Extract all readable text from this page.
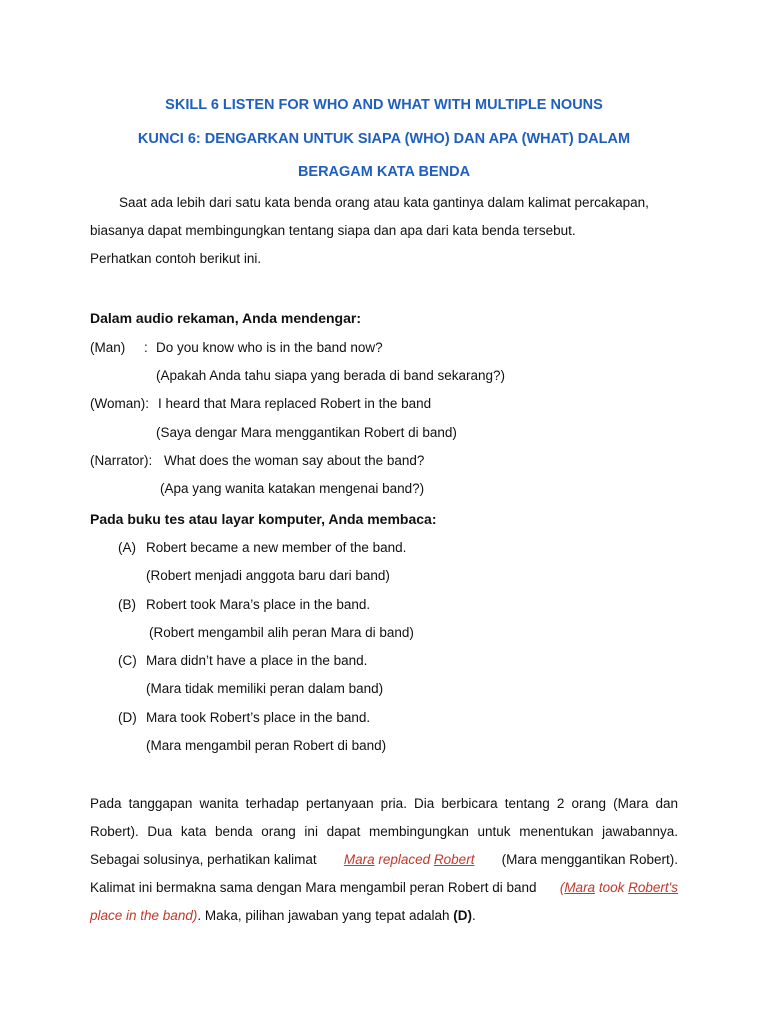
SKILL 6 LISTEN FOR WHO AND WHAT WITH MULTIPLE NOUNS
KUNCI 6: DENGARKAN UNTUK SIAPA (WHO) DAN APA (WHAT) DALAM
BERAGAM KATA BENDA
Saat ada lebih dari satu kata benda orang atau kata gantinya dalam kalimat percakapan,
biasanya dapat membingungkan tentang siapa dan apa dari kata benda tersebut.
Perhatkan contoh berikut ini.
Dalam audio rekaman, Anda mendengar:
(Man) : Do you know who is in the band now?
(Apakah Anda tahu siapa yang berada di band sekarang?)
(Woman): I heard that Mara replaced Robert in the band
(Saya dengar Mara menggantikan Robert di band)
(Narrator): What does the woman say about the band?
(Apa yang wanita katakan mengenai band?)
Pada buku tes atau layar komputer, Anda membaca:
(A) Robert became a new member of the band.
(Robert menjadi anggota baru dari band)
(B) Robert took Mara’s place in the band.
(Robert mengambil alih peran Mara di band)
(C) Mara didn’t have a place in the band.
(Mara tidak memiliki peran dalam band)
(D) Mara took Robert’s place in the band.
(Mara mengambil peran Robert di band)
Pada tanggapan wanita terhadap pertanyaan pria. Dia berbicara tentang 2 orang (Mara dan
Robert). Dua kata benda orang ini dapat membingungkan untuk menentukan jawabannya.
Sebagai solusinya, perhatikan kalimat Mara replaced Robert (Mara menggantikan Robert).
Kalimat ini bermakna sama dengan Mara mengambil peran Robert di band (Mara took Robert's
place in the band). Maka, pilihan jawaban yang tepat adalah (D).
